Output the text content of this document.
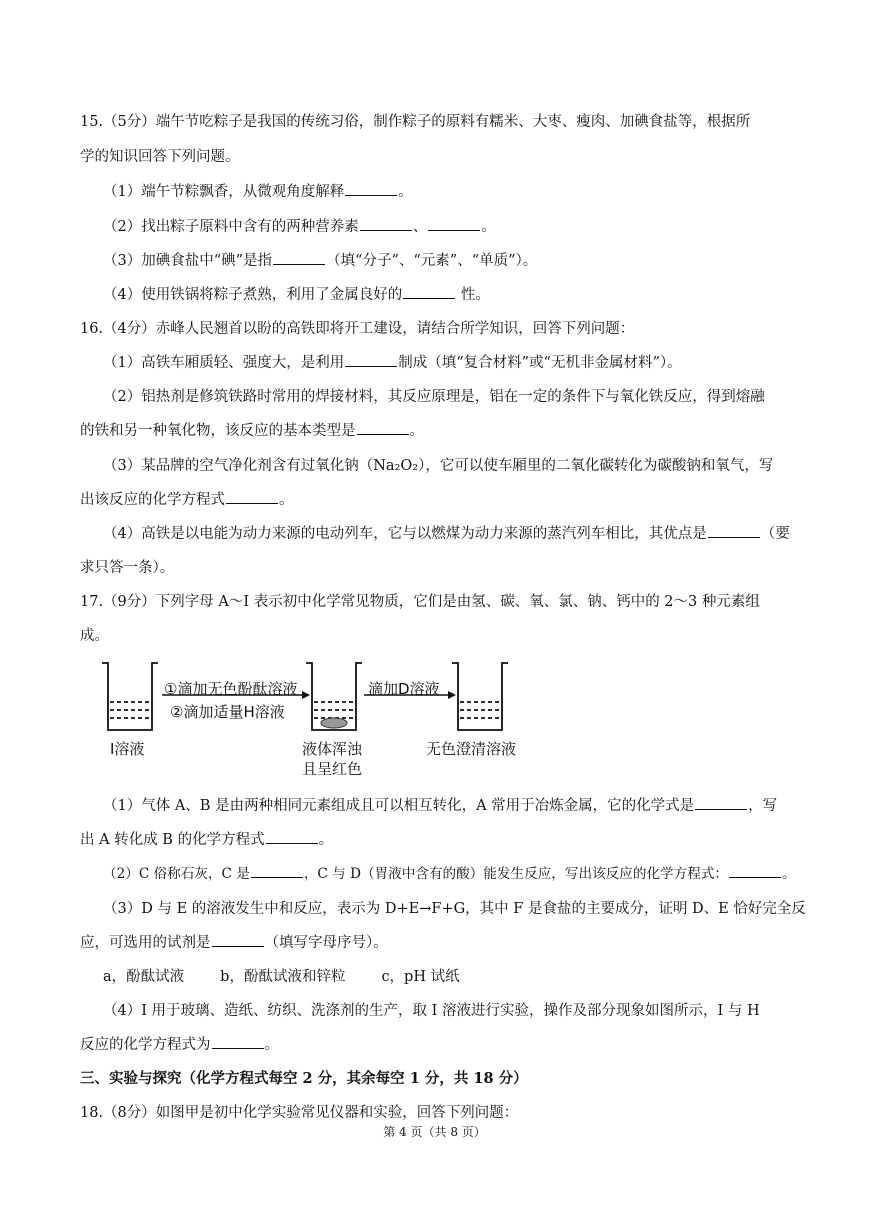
15.（5分）端午节吃粽子是我国的传统习俗，制作粽子的原料有糯米、大枣、瘦肉、加碘食盐等，根据所
学的知识回答下列问题。
（1）端午节粽飘香，从微观角度解释	。
（2）找出粽子原料中含有的两种营养素	、	。
（3）加碘食盐中“碘”是指	（填“分子”、“元素”、“单质”）。
（4）使用铁锅将粽子煮熟，利用了金属良好的	性。
16.（4分）赤峰人民翘首以盼的高铁即将开工建设，请结合所学知识，回答下列问题：
（1）高铁车厢质轻、强度大，是利用	制成（填“复合材料”或“无机非金属材料”）。
（2）铝热剂是修筑铁路时常用的焊接材料，其反应原理是，铝在一定的条件下与氧化铁反应，得到熔融
的铁和另一种氧化物，该反应的基本类型是	。
（3）某品牌的空气净化剂含有过氧化钠（Na₂O₂），它可以使车厢里的二氧化碳转化为碳酸钠和氧气，写
出该反应的化学方程式	。
（4）高铁是以电能为动力来源的电动列车，它与以燃煤为动力来源的蒸汽列车相比，其优点是	（要
求只答一条）。
17.（9分）下列字母 A～I 表示初中化学常见物质，它们是由氢、碳、氧、氯、钠、钙中的 2～3 种元素组
成。
①滴加无色酚酞溶液
②滴加适量H溶液
滴加D溶液
I溶液	液体浑浊
且呈红色
无色澄清溶液
（1）气体 A、B 是由两种相同元素组成且可以相互转化，A 常用于冶炼金属，它的化学式是	，写
出 A 转化成 B 的化学方程式	。
（2）C 俗称石灰，C 是	，C 与 D（胃液中含有的酸）能发生反应，写出该反应的化学方程式：	。
（3）D 与 E 的溶液发生中和反应，表示为 D+E→F+G，其中 F 是食盐的主要成分，证明 D、E 恰好完全反
应，可选用的试剂是	（填写字母序号）。
a，酚酞试液 b，酚酞试液和锌粒 c，pH 试纸
（4）I 用于玻璃、造纸、纺织、洗涤剂的生产，取 I 溶液进行实验，操作及部分现象如图所示，I 与 H
反应的化学方程式为	。
三、实验与探究（化学方程式每空 2 分，其余每空 1 分，共 18 分）
18.（8分）如图甲是初中化学实验常见仪器和实验，回答下列问题：
第 4 页（共 8 页）
